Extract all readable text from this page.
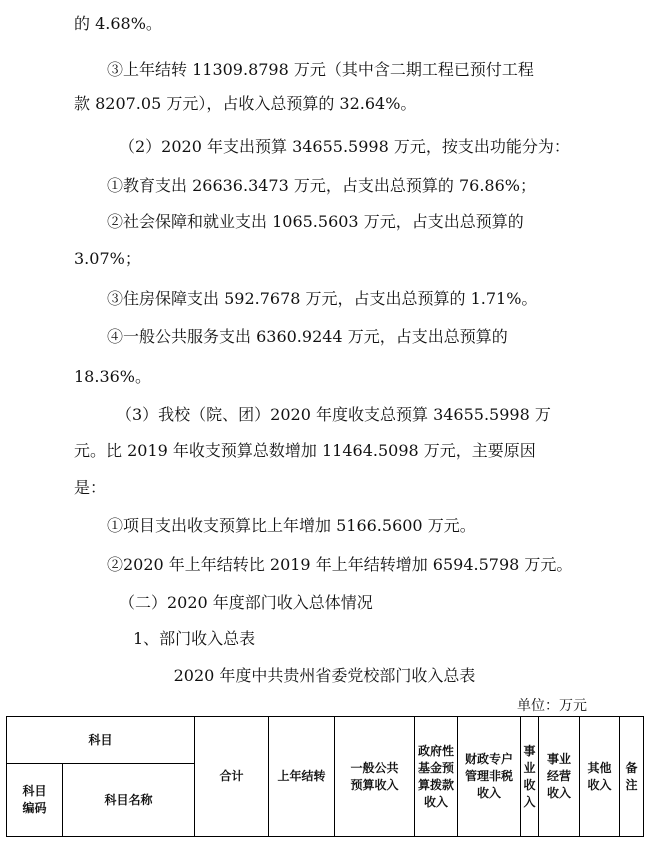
的 4.68%。
③上年结转 11309.8798 万元（其中含二期工程已预付工程
款 8207.05 万元），占收入总预算的 32.64%。
（2）2020 年支出预算 34655.5998 万元，按支出功能分为：
①教育支出 26636.3473 万元，占支出总预算的 76.86%；
②社会保障和就业支出 1065.5603 万元，占支出总预算的
3.07%；
③住房保障支出 592.7678 万元，占支出总预算的 1.71%。
④一般公共服务支出 6360.9244 万元，占支出总预算的
18.36%。
（3）我校（院、团）2020 年度收支总预算 34655.5998 万
元。比 2019 年收支预算总数增加 11464.5098 万元，主要原因
是：
①项目支出收支预算比上年增加 5166.5600 万元。
②2020 年上年结转比 2019 年上年结转增加 6594.5798 万元。
（二）2020 年度部门收入总体情况
1、部门收入总表
2020 年度中共贵州省委党校部门收入总表
单位：万元
科目		合计	上年结转	一般公共预算收入	政府性基金预算拨款收入	财政专户管理非税收入	事业收入	事业经营收入	其他收入	备注
科目编码	科目名称									
